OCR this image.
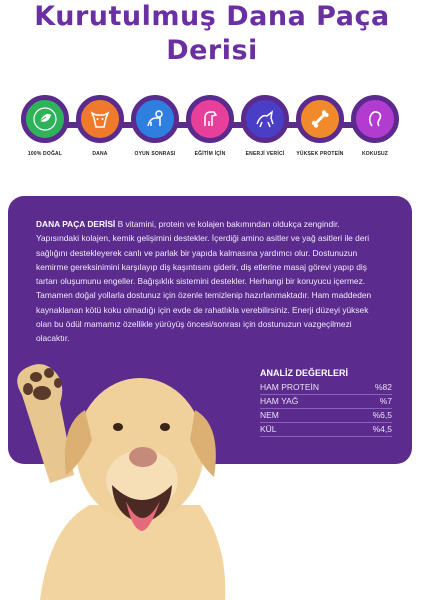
Kurutulmuş Dana Paça Derisi
100% DOĞAL	DANA	OYUN SONRASI	EĞİTİM İÇİN	ENERJİ VERİCİ	YÜKSEK PROTEİN	KOKUSUZ
DANA PAÇA DERİSİ B vitamini, protein ve kolajen bakımından oldukça zengindir. Yapısındaki kolajen, kemik gelişimini destekler. İçerdiği amino asitler ve yağ asitleri ile deri sağlığını destekleyerek canlı ve parlak bir yapıda kalmasına yardımcı olur. Dostunuzun kemirme gereksinimini karşılayıp diş kaşıntısını giderir, diş etlerine masaj görevi yapıp diş tartarı oluşumunu engeller. Bağışıklık sistemini destekler. Herhangi bir koruyucu içermez. Tamamen doğal yollarla dostunuz için özenle temizlenip hazırlanmaktadır. Ham maddeden kaynaklanan kötü koku olmadığı için evde de rahatlıkla verebilirsiniz. Enerji düzeyi yüksek olan bu ödül mamamız özellikle yürüyüş öncesi/sonrası için dostunuzun vazgeçilmezi olacaktır.
ANALİZ DEĞERLERİ
HAM PROTEİN	%82
HAM YAĞ	%7
NEM	%6,5
KÜL	%4,5
